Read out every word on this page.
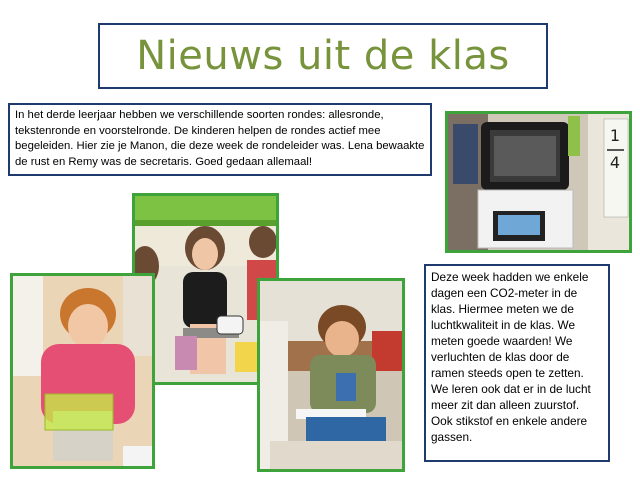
Nieuws uit de klas
In het derde leerjaar hebben we verschillende soorten rondes: allesronde, tekstenronde en voorstelronde. De kinderen helpen de rondes actief mee begeleiden. Hier zie je Manon, die deze week de rondeleider was. Lena bewaakte de rust en Remy was de secretaris. Goed gedaan allemaal!
1
4
Deze week hadden we enkele dagen een CO2-meter in de klas. Hiermee meten we de luchtkwaliteit in de klas. We meten goede waarden! We verluchten de klas door de ramen steeds open te zetten. We leren ook dat er in de lucht meer zit dan alleen zuurstof. Ook stikstof en enkele andere gassen.
